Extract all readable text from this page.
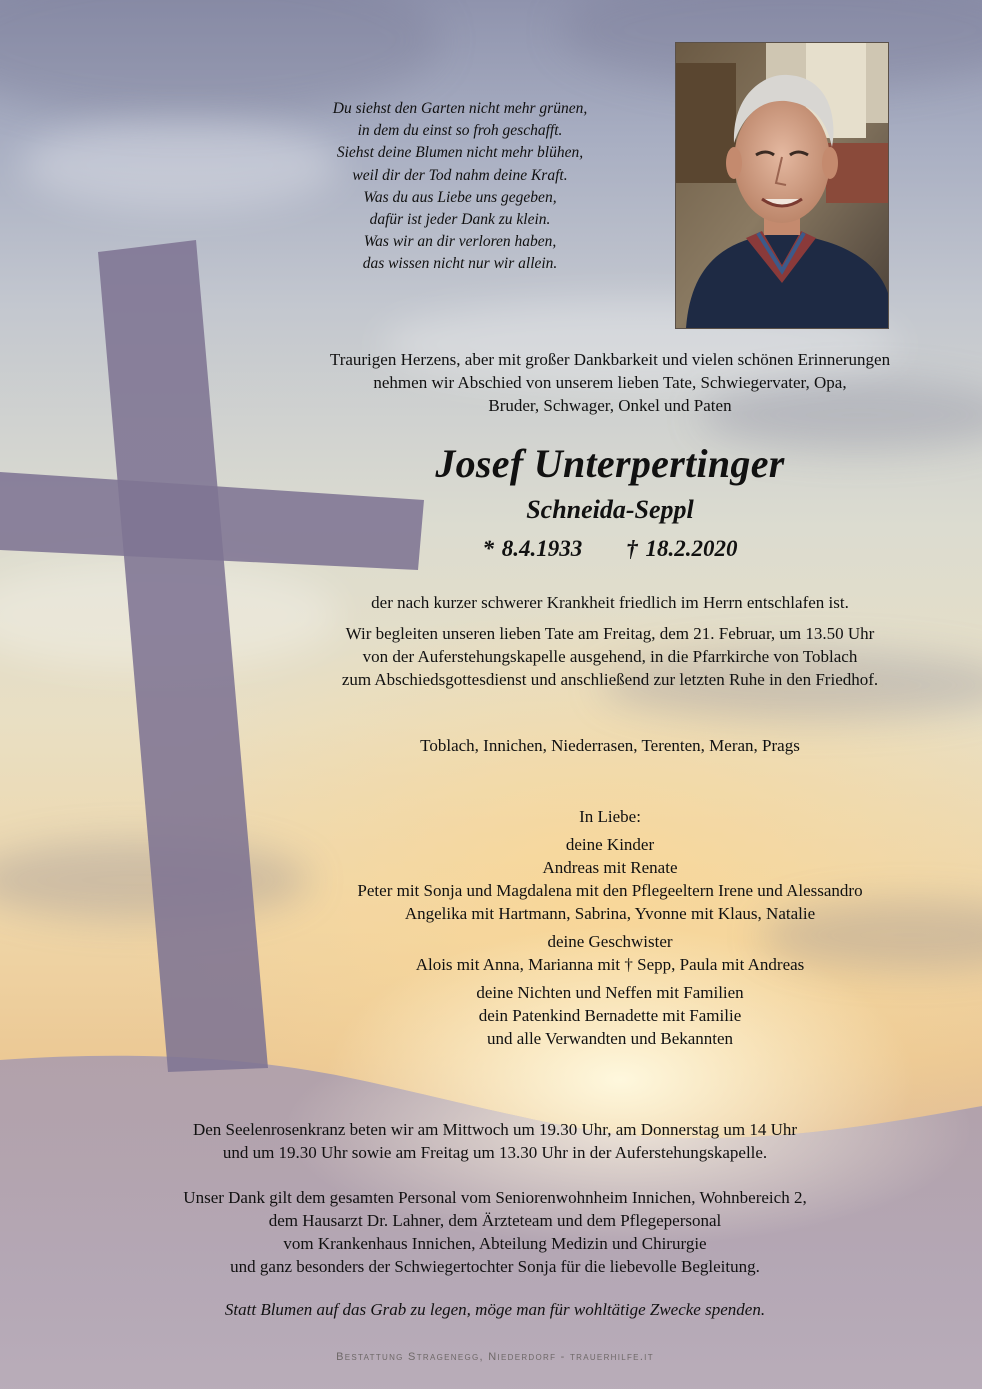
Du siehst den Garten nicht mehr grünen,
in dem du einst so froh geschafft.
Siehst deine Blumen nicht mehr blühen,
weil dir der Tod nahm deine Kraft.
Was du aus Liebe uns gegeben,
dafür ist jeder Dank zu klein.
Was wir an dir verloren haben,
das wissen nicht nur wir allein.
Traurigen Herzens, aber mit großer Dankbarkeit und vielen schönen Erinnerungen
nehmen wir Abschied von unserem lieben Tate, Schwiegervater, Opa,
Bruder, Schwager, Onkel und Paten
Josef Unterpertinger
Schneida-Seppl
* 8.4.1933 † 18.2.2020
der nach kurzer schwerer Krankheit friedlich im Herrn entschlafen ist.
Wir begleiten unseren lieben Tate am Freitag, dem 21. Februar, um 13.50 Uhr
von der Auferstehungskapelle ausgehend, in die Pfarrkirche von Toblach
zum Abschiedsgottesdienst und anschließend zur letzten Ruhe in den Friedhof.
Toblach, Innichen, Niederrasen, Terenten, Meran, Prags
In Liebe:
deine Kinder
Andreas mit Renate
Peter mit Sonja und Magdalena mit den Pflegeeltern Irene und Alessandro
Angelika mit Hartmann, Sabrina, Yvonne mit Klaus, Natalie
deine Geschwister
Alois mit Anna, Marianna mit † Sepp, Paula mit Andreas
deine Nichten und Neffen mit Familien
dein Patenkind Bernadette mit Familie
und alle Verwandten und Bekannten
Den Seelenrosenkranz beten wir am Mittwoch um 19.30 Uhr, am Donnerstag um 14 Uhr
und um 19.30 Uhr sowie am Freitag um 13.30 Uhr in der Auferstehungskapelle.
Unser Dank gilt dem gesamten Personal vom Seniorenwohnheim Innichen, Wohnbereich 2,
dem Hausarzt Dr. Lahner, dem Ärzteteam und dem Pflegepersonal
vom Krankenhaus Innichen, Abteilung Medizin und Chirurgie
und ganz besonders der Schwiegertochter Sonja für die liebevolle Begleitung.
Statt Blumen auf das Grab zu legen, möge man für wohltätige Zwecke spenden.
Bestattung Stragenegg, Niederdorf - trauerhilfe.it
